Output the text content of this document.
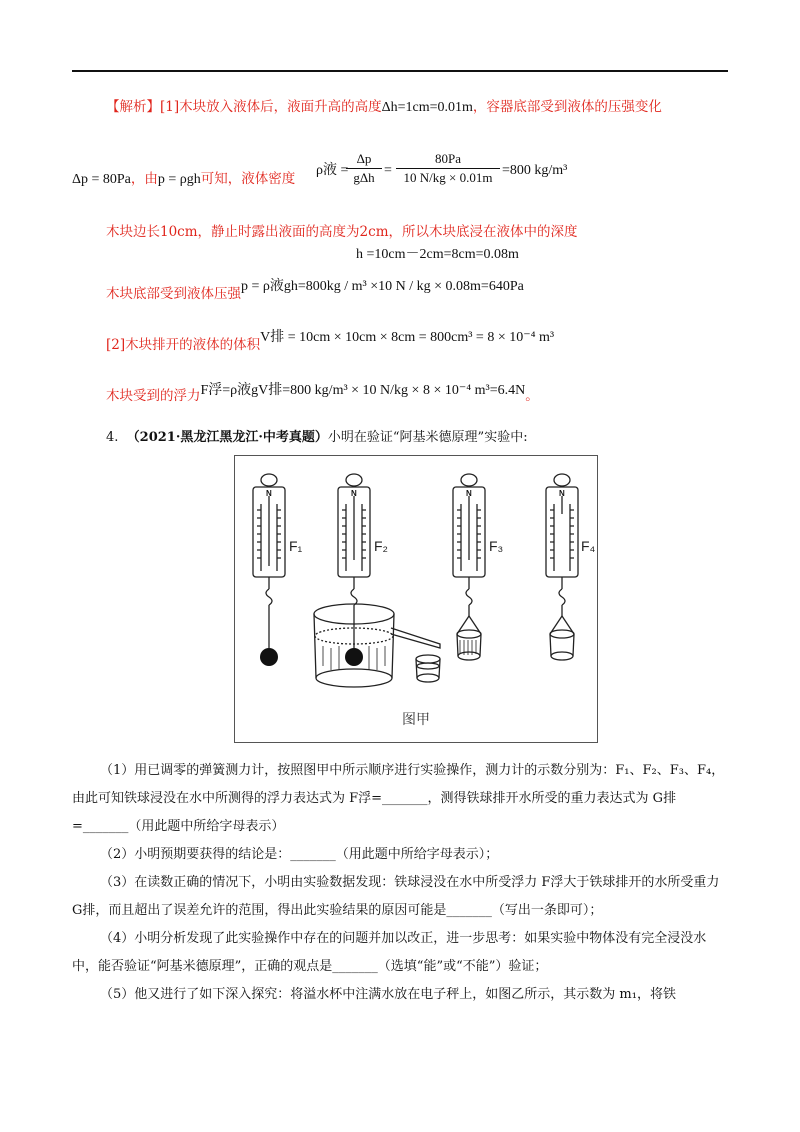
【解析】[1]木块放入液体后，液面升高的高度Δh=1cm=0.01m，容器底部受到液体的压强变化
Δp = 80Pa，由p = ρgh可知，液体密度
ρ液 =
Δp
gΔh =
80Pa
10 N/kg × 0.01m =800 kg/m³
木块边长10cm，静止时露出液面的高度为2cm，所以木块底浸在液体中的深度
h =10cm－2cm=8cm=0.08m
木块底部受到液体压强p = ρ液gh=800kg / m³ ×10 N / kg × 0.08m=640Pa
[2]木块排开的液体的体积V排 = 10cm × 10cm × 8cm = 800cm³ = 8 × 10⁻⁴ m³
木块受到的浮力F浮=ρ液gV排=800 kg/m³ × 10 N/kg × 8 × 10⁻⁴ m³=6.4N。
4. （2021·黑龙江黑龙江·中考真题）小明在验证“阿基米德原理”实验中:
N	N	N	N
F₁	F₂	F₃	F₄
图甲
（1）用已调零的弹簧测力计，按照图甲中所示顺序进行实验操作，测力计的示数分别为：F₁、F₂、F₃、F₄，由此可知铁球浸没在水中所测得的浮力表达式为 F浮=_______，测得铁球排开水所受的重力表达式为 G排=_______（用此题中所给字母表示）
（2）小明预期要获得的结论是：_______（用此题中所给字母表示）；
（3）在读数正确的情况下，小明由实验数据发现：铁球浸没在水中所受浮力 F浮大于铁球排开的水所受重力 G排，而且超出了误差允许的范围，得出此实验结果的原因可能是_______（写出一条即可）；
（4）小明分析发现了此实验操作中存在的问题并加以改正，进一步思考：如果实验中物体没有完全浸没水中，能否验证“阿基米德原理”，正确的观点是_______（选填“能”或“不能”）验证；
（5）他又进行了如下深入探究：将溢水杯中注满水放在电子秤上，如图乙所示，其示数为 m₁，将铁
